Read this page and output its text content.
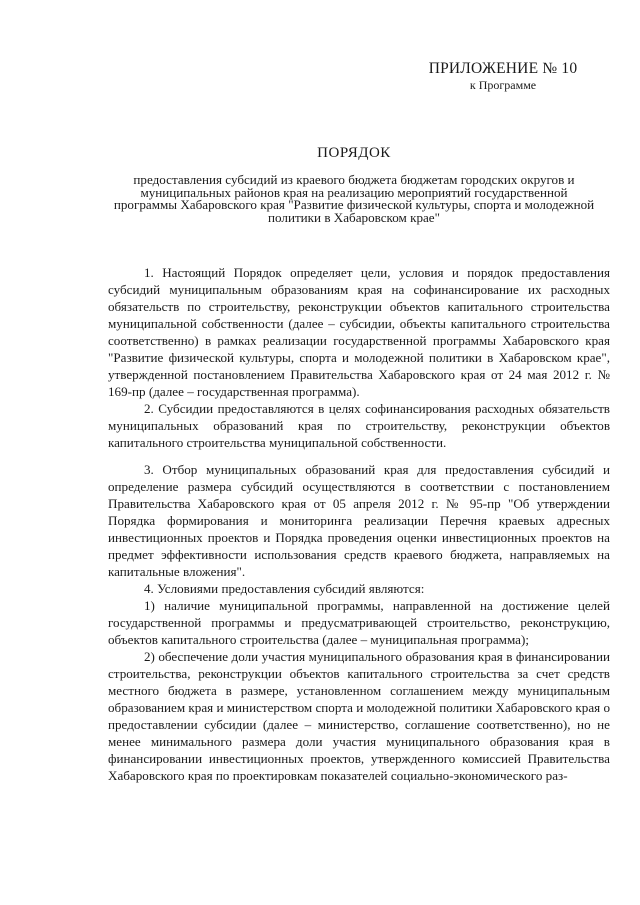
ПРИЛОЖЕНИЕ № 10

к Программе

ПОРЯДОК

предоставления субсидий из краевого бюджета бюджетам городских округов и муниципальных районов края на реализацию мероприятий государственной программы Хабаровского края "Развитие физической культуры, спорта и молодежной политики в Хабаровском крае"

1. Настоящий Порядок определяет цели, условия и порядок предоставления субсидий муниципальным образованиям края на софинансирование их расходных обязательств по строительству, реконструкции объектов капитального строительства муниципальной собственности (далее – субсидии, объекты капитального строительства соответственно) в рамках реализации государственной программы Хабаровского края "Развитие физической культуры, спорта и молодежной политики в Хабаровском крае", утвержденной постановлением Правительства Хабаровского края от 24 мая 2012 г. № 169-пр (далее – государственная программа).

2. Субсидии предоставляются в целях софинансирования расходных обязательств муниципальных образований края по строительству, реконструкции объектов капитального строительства муниципальной собственности.

3. Отбор муниципальных образований края для предоставления субсидий и определение размера субсидий осуществляются в соответствии с постановлением Правительства Хабаровского края от 05 апреля 2012 г. № 95-пр "Об утверждении Порядка формирования и мониторинга реализации Перечня краевых адресных инвестиционных проектов и Порядка проведения оценки инвестиционных проектов на предмет эффективности использования средств краевого бюджета, направляемых на капитальные вложения".

4. Условиями предоставления субсидий являются:

1) наличие муниципальной программы, направленной на достижение целей государственной программы и предусматривающей строительство, реконструкцию, объектов капитального строительства (далее – муниципальная программа);

2) обеспечение доли участия муниципального образования края в финансировании строительства, реконструкции объектов капитального строительства за счет средств местного бюджета в размере, установленном соглашением между муниципальным образованием края и министерством спорта и молодежной политики Хабаровского края о предоставлении субсидии (далее – министерство, соглашение соответственно), но не менее минимального размера доли участия муниципального образования края в финансировании инвестиционных проектов, утвержденного комиссией Правительства Хабаровского края по проектировкам показателей социально-экономического раз-
